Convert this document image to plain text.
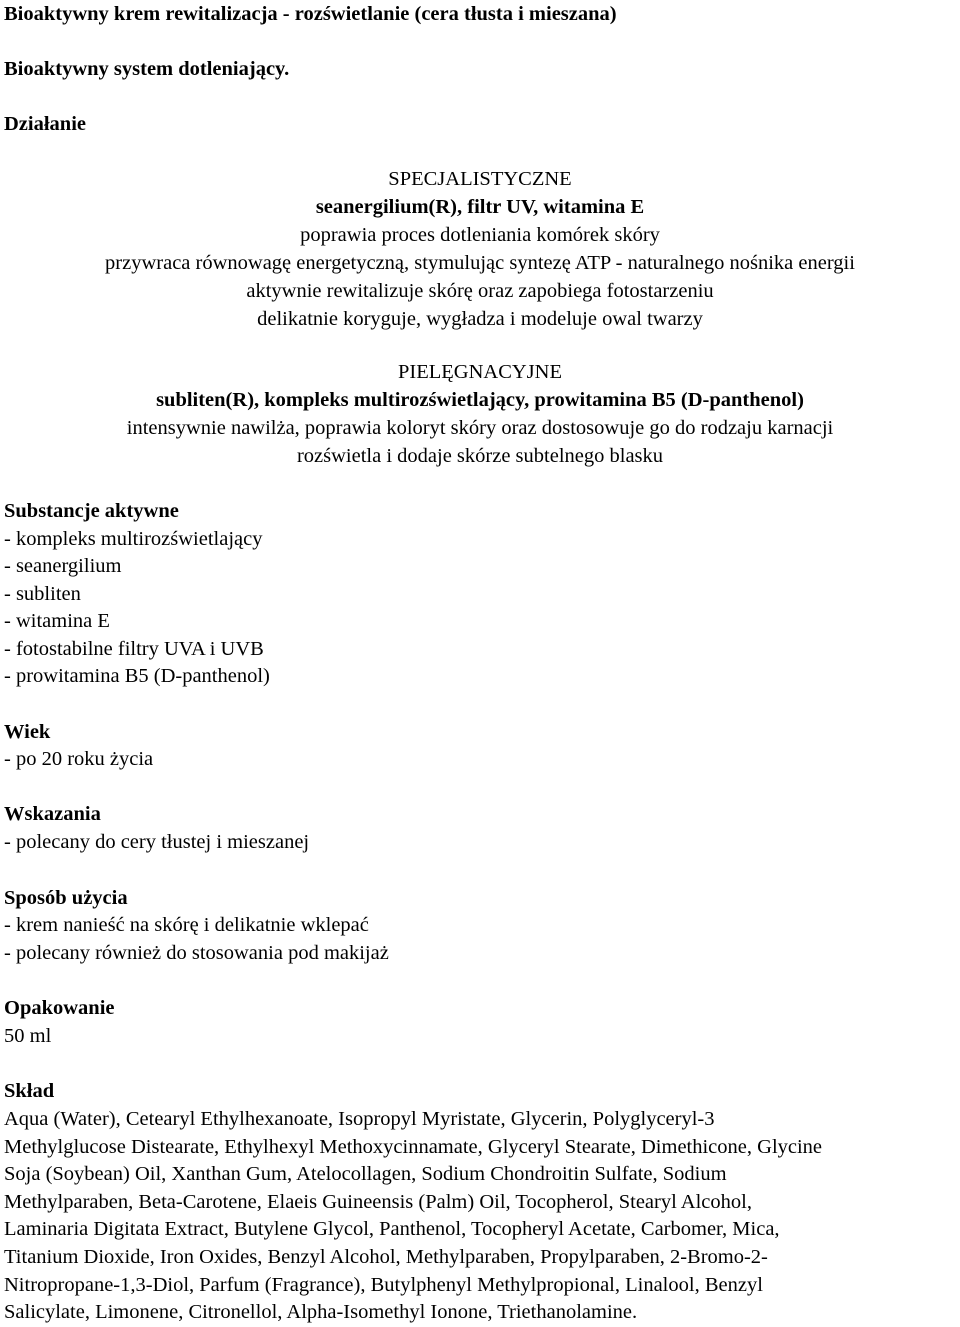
Bioaktywny krem rewitalizacja - rozświetlanie (cera tłusta i mieszana)
Bioaktywny system dotleniający.
Działanie
SPECJALISTYCZNE
seanergilium(R), filtr UV, witamina E
poprawia proces dotleniania komórek skóry
przywraca równowagę energetyczną, stymulując syntezę ATP - naturalnego nośnika energii
aktywnie rewitalizuje skórę oraz zapobiega fotostarzeniu
delikatnie koryguje, wygładza i modeluje owal twarzy
PIELĘGNACYJNE
subliten(R), kompleks multirozświetlający, prowitamina B5 (D-panthenol)
intensywnie nawilża, poprawia koloryt skóry oraz dostosowuje go do rodzaju karnacji
rozświetla i dodaje skórze subtelnego blasku
Substancje aktywne
- kompleks multirozświetlający
- seanergilium
- subliten
- witamina E
- fotostabilne filtry UVA i UVB
- prowitamina B5 (D-panthenol)
Wiek
- po 20 roku życia
Wskazania
- polecany do cery tłustej i mieszanej
Sposób użycia
- krem nanieść na skórę i delikatnie wklepać
- polecany również do stosowania pod makijaż
Opakowanie
50 ml
Skład
Aqua (Water), Cetearyl Ethylhexanoate, Isopropyl Myristate, Glycerin, Polyglyceryl-3
Methylglucose Distearate, Ethylhexyl Methoxycinnamate, Glyceryl Stearate, Dimethicone, Glycine
Soja (Soybean) Oil, Xanthan Gum, Atelocollagen, Sodium Chondroitin Sulfate, Sodium
Methylparaben, Beta-Carotene, Elaeis Guineensis (Palm) Oil, Tocopherol, Stearyl Alcohol,
Laminaria Digitata Extract, Butylene Glycol, Panthenol, Tocopheryl Acetate, Carbomer, Mica,
Titanium Dioxide, Iron Oxides, Benzyl Alcohol, Methylparaben, Propylparaben, 2-Bromo-2-
Nitropropane-1,3-Diol, Parfum (Fragrance), Butylphenyl Methylpropional, Linalool, Benzyl
Salicylate, Limonene, Citronellol, Alpha-Isomethyl Ionone, Triethanolamine.
